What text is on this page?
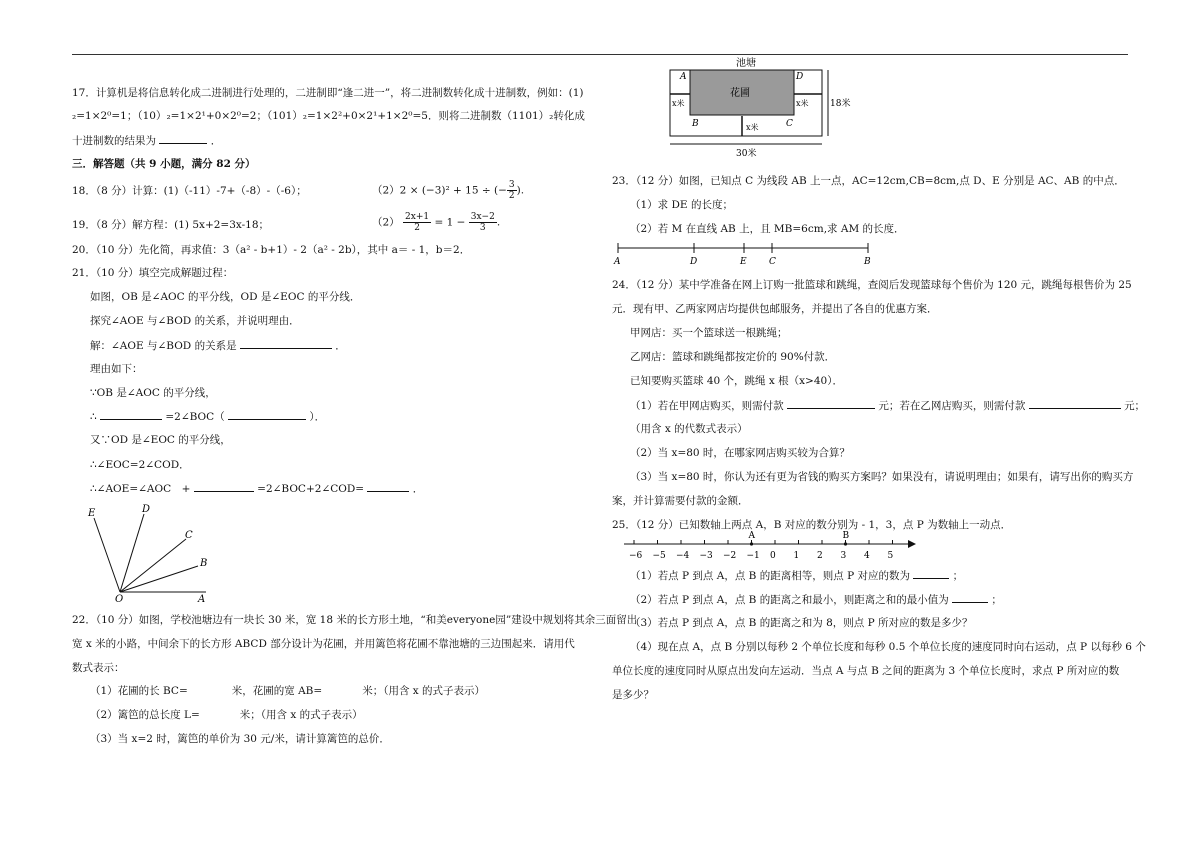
17．计算机是将信息转化成二进制进行处理的，二进制即“逢二进一”，将二进制数转化成十进制数，例如：(1)
₂=1×2⁰=1；（10）₂=1×2¹+0×2⁰=2；（101）₂=1×2²+0×2¹+1×2⁰=5．则将二进制数（1101）₂转化成
十进制数的结果为	．
三．解答题（共 9 小题，满分 82 分）
18．（8 分）计算：(1)（-11）-7+（-8）-（-6）；	（2）2 × (−3)² + 15 ÷ (− $\frac{3}{2}$ ).
19．（8 分）解方程：(1) 5x+2=3x-18；	$(2) \frac{2x+1}{2} = 1 - \frac{3x-2}{3}$ .
20．（10 分）先化简，再求值：3（a² - b+1）- 2（a² - 2b），其中 a＝ - 1，b＝2．
21．（10 分）填空完成解题过程：
如图，OB 是∠AOC 的平分线，OD 是∠EOC 的平分线．
探究∠AOE 与∠BOD 的关系，并说明理由．
解：∠AOE 与∠BOD 的关系是	．
理由如下：
∵OB 是∠AOC 的平分线，
∴	=2∠BOC（	）．
又∵OD 是∠EOC 的平分线，
∴∠EOC=2∠COD．
∴∠AOE=∠AOC　+	=2∠BOC+2∠COD=	．
E	D
C
B
O	A
22．（10 分）如图，学校池塘边有一块长 30 米，宽 18 米的长方形土地，“和美everyone园”建设中规划将其余三面留出
宽 x 米的小路，中间余下的长方形 ABCD 部分设计为花圃，并用篱笆将花圃不靠池塘的三边围起来．请用代
数式表示：
（1）花圃的长 BC=	米，花圃的宽 AB=	米；（用含 x 的式子表示）
（2）篱笆的总长度 L=	米；（用含 x 的式子表示）
（3）当 x=2 时，篱笆的单价为 30 元/米，请计算篱笆的总价．
池塘
花圃
A	D
B	C
x米	x米
x米
18米
30米
23．（12 分）如图，已知点 C 为线段 AB 上一点，AC=12cm,CB=8cm,点 D、E 分别是 AC、AB 的中点．
（1）求 DE 的长度；
（2）若 M 在直线 AB 上，且 MB=6cm,求 AM 的长度．
A	D	E C	B
24．（12 分）某中学准备在网上订购一批篮球和跳绳，查阅后发现篮球每个售价为 120 元，跳绳每根售价为 25
元．现有甲、乙两家网店均提供包邮服务，并提出了各自的优惠方案．
甲网店：买一个篮球送一根跳绳；
乙网店：篮球和跳绳都按定价的 90%付款．
已知要购买篮球 40 个，跳绳 x 根（x>40）．
（1）若在甲网店购买，则需付款	元；若在乙网店购买，则需付款	元；
（用含 x 的代数式表示）
（2）当 x=80 时，在哪家网店购买较为合算？
（3）当 x=80 时，你认为还有更为省钱的购买方案吗？如果没有，请说明理由；如果有，请写出你的购买方
案，并计算需要付款的金额．
25．（12 分）已知数轴上两点 A，B 对应的数分别为 - 1，3，点 P 为数轴上一动点．
−6 −5 −4 −3 −2 −1 0 1 2 3 4 5
A	B
（1）若点 P 到点 A，点 B 的距离相等，则点 P 对应的数为	；
（2）若点 P 到点 A，点 B 的距离之和最小，则距离之和的最小值为	；
（3）若点 P 到点 A，点 B 的距离之和为 8，则点 P 所对应的数是多少？
（4）现在点 A，点 B 分别以每秒 2 个单位长度和每秒 0.5 个单位长度的速度同时向右运动，点 P 以每秒 6 个
单位长度的速度同时从原点出发向左运动．当点 A 与点 B 之间的距离为 3 个单位长度时，求点 P 所对应的数
是多少？
